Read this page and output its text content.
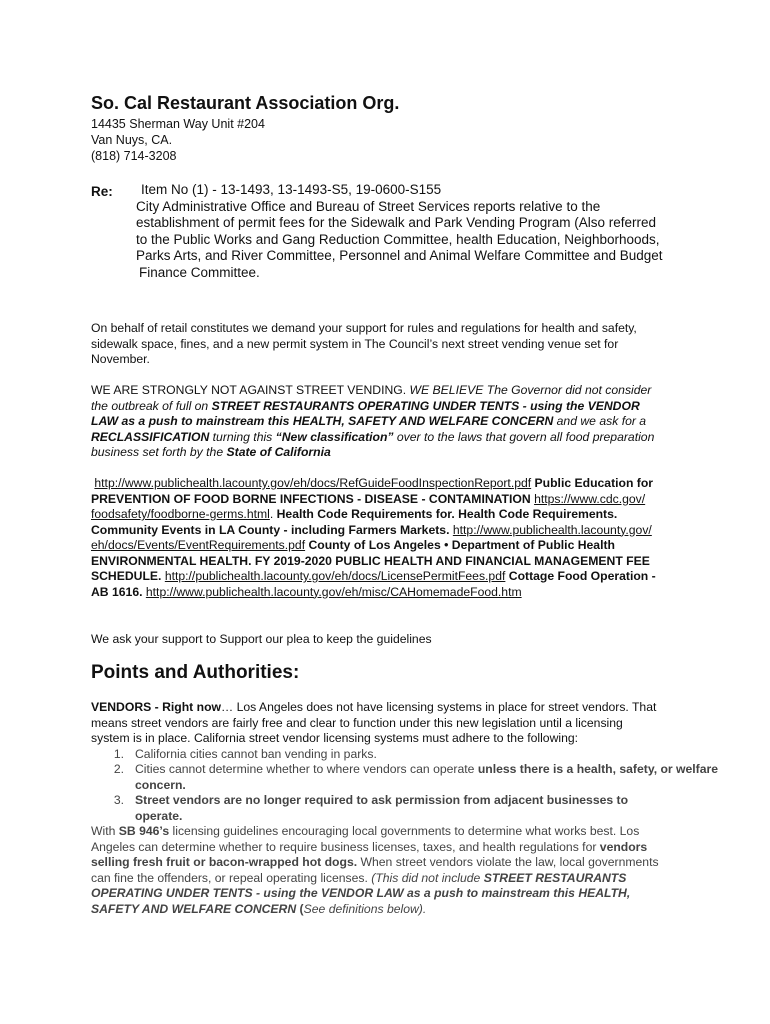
So. Cal Restaurant Association Org.
14435 Sherman Way Unit #204
Van Nuys, CA.
(818) 714-3208
Re:	Item No (1) - 13-1493, 13-1493-S5, 19-0600-S155
City Administrative Office and Bureau of Street Services reports relative to the
establishment of permit fees for the Sidewalk and Park Vending Program (Also referred
to the Public Works and Gang Reduction Committee, health Education, Neighborhoods,
Parks Arts, and River Committee, Personnel and Animal Welfare Committee and Budget
Finance Committee.
On behalf of retail constitutes we demand your support for rules and regulations for health and safety,
sidewalk space, fines, and a new permit system in The Council’s next street vending venue set for
November.
WE ARE STRONGLY NOT AGAINST STREET VENDING. WE BELIEVE The Governor did not consider
the outbreak of full on STREET RESTAURANTS OPERATING UNDER TENTS - using the VENDOR
LAW as a push to mainstream this HEALTH, SAFETY AND WELFARE CONCERN and we ask for a
RECLASSIFICATION turning this “New classification” over to the laws that govern all food preparation
business set forth by the State of California
http://www.publichealth.lacounty.gov/eh/docs/RefGuideFoodInspectionReport.pdf Public Education for
PREVENTION OF FOOD BORNE INFECTIONS - DISEASE - CONTAMINATION https://www.cdc.gov/
foodsafety/foodborne-germs.html. Health Code Requirements for. Health Code Requirements.
Community Events in LA County - including Farmers Markets. http://www.publichealth.lacounty.gov/
eh/docs/Events/EventRequirements.pdf County of Los Angeles • Department of Public Health
ENVIRONMENTAL HEALTH. FY 2019-2020 PUBLIC HEALTH AND FINANCIAL MANAGEMENT FEE
SCHEDULE. http://publichealth.lacounty.gov/eh/docs/LicensePermitFees.pdf Cottage Food Operation -
AB 1616. http://www.publichealth.lacounty.gov/eh/misc/CAHomemadeFood.htm
We ask your support to Support our plea to keep the guidelines
Points and Authorities:
VENDORS - Right now… Los Angeles does not have licensing systems in place for street vendors. That
means street vendors are fairly free and clear to function under this new legislation until a licensing
system is in place. California street vendor licensing systems must adhere to the following:
1. California cities cannot ban vending in parks.
2. Cities cannot determine whether to where vendors can operate unless there is a health, safety, or welfare
concern.
3. Street vendors are no longer required to ask permission from adjacent businesses to
operate.
With SB 946’s licensing guidelines encouraging local governments to determine what works best. Los
Angeles can determine whether to require business licenses, taxes, and health regulations for vendors
selling fresh fruit or bacon-wrapped hot dogs. When street vendors violate the law, local governments
can fine the offenders, or repeal operating licenses. (This did not include STREET RESTAURANTS
OPERATING UNDER TENTS - using the VENDOR LAW as a push to mainstream this HEALTH,
SAFETY AND WELFARE CONCERN (See definitions below).
